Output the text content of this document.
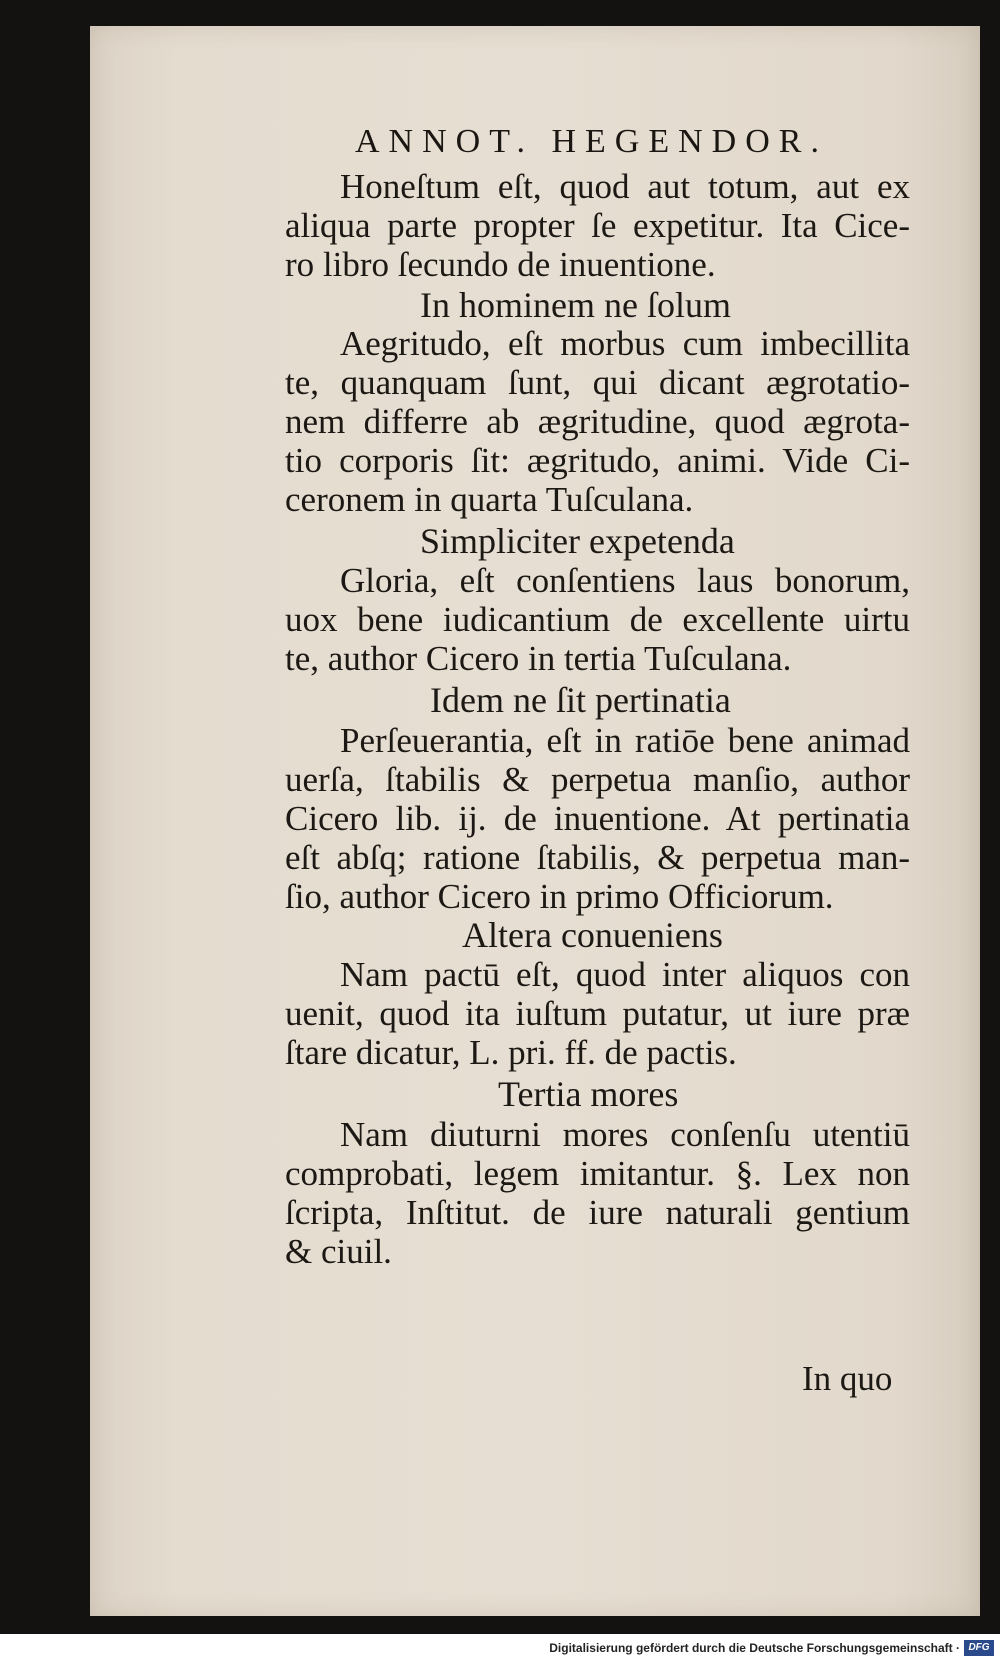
ANNOT. HEGENDOR.
Honeſtum eſt, quod aut totum, aut ex
aliqua parte propter ſe expetitur. Ita Cice-
ro libro ſecundo de inuentione.
In hominem ne ſolum
Aegritudo, eſt morbus cum imbecillita
te, quanquam ſunt, qui dicant ægrotatio-
nem differre ab ægritudine, quod ægrota-
tio corporis ſit: ægritudo, animi. Vide Ci-
ceronem in quarta Tuſculana.
Simpliciter expetenda
Gloria, eſt conſentiens laus bonorum,
uox bene iudicantium de excellente uirtu
te, author Cicero in tertia Tuſculana.
Idem ne ſit pertinatia
Perſeuerantia, eſt in ratiōe bene animad
uerſa, ſtabilis & perpetua manſio, author
Cicero lib. ij. de inuentione. At pertinatia
eſt abſq; ratione ſtabilis, & perpetua man-
ſio, author Cicero in primo Officiorum.
Altera conueniens
Nam pactū eſt, quod inter aliquos con
uenit, quod ita iuſtum putatur, ut iure præ
ſtare dicatur, L. pri. ff. de pactis.
Tertia mores
Nam diuturni mores conſenſu utentiū
comprobati, legem imitantur. §. Lex non
ſcripta, Inſtitut. de iure naturali gentium
& ciuil.
In quo
Digitalisierung gefördert durch die Deutsche Forschungsgemeinschaft · DFG
